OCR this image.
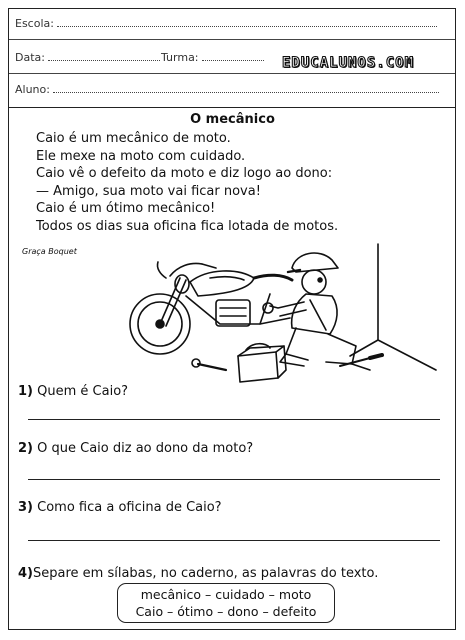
Escola:
Data:	Turma:	EDUCALUNOS.COM
Aluno:
O mecânico
Caio é um mecânico de moto.
Ele mexe na moto com cuidado.
Caio vê o defeito da moto e diz logo ao dono:
— Amigo, sua moto vai ficar nova!
Caio é um ótimo mecânico!
Todos os dias sua oficina fica lotada de motos.
Graça Boquet
1) Quem é Caio?
2) O que Caio diz ao dono da moto?
3) Como fica a oficina de Caio?
4)Separe em sílabas, no caderno, as palavras do texto.
mecânico – cuidado – moto
Caio – ótimo – dono – defeito
